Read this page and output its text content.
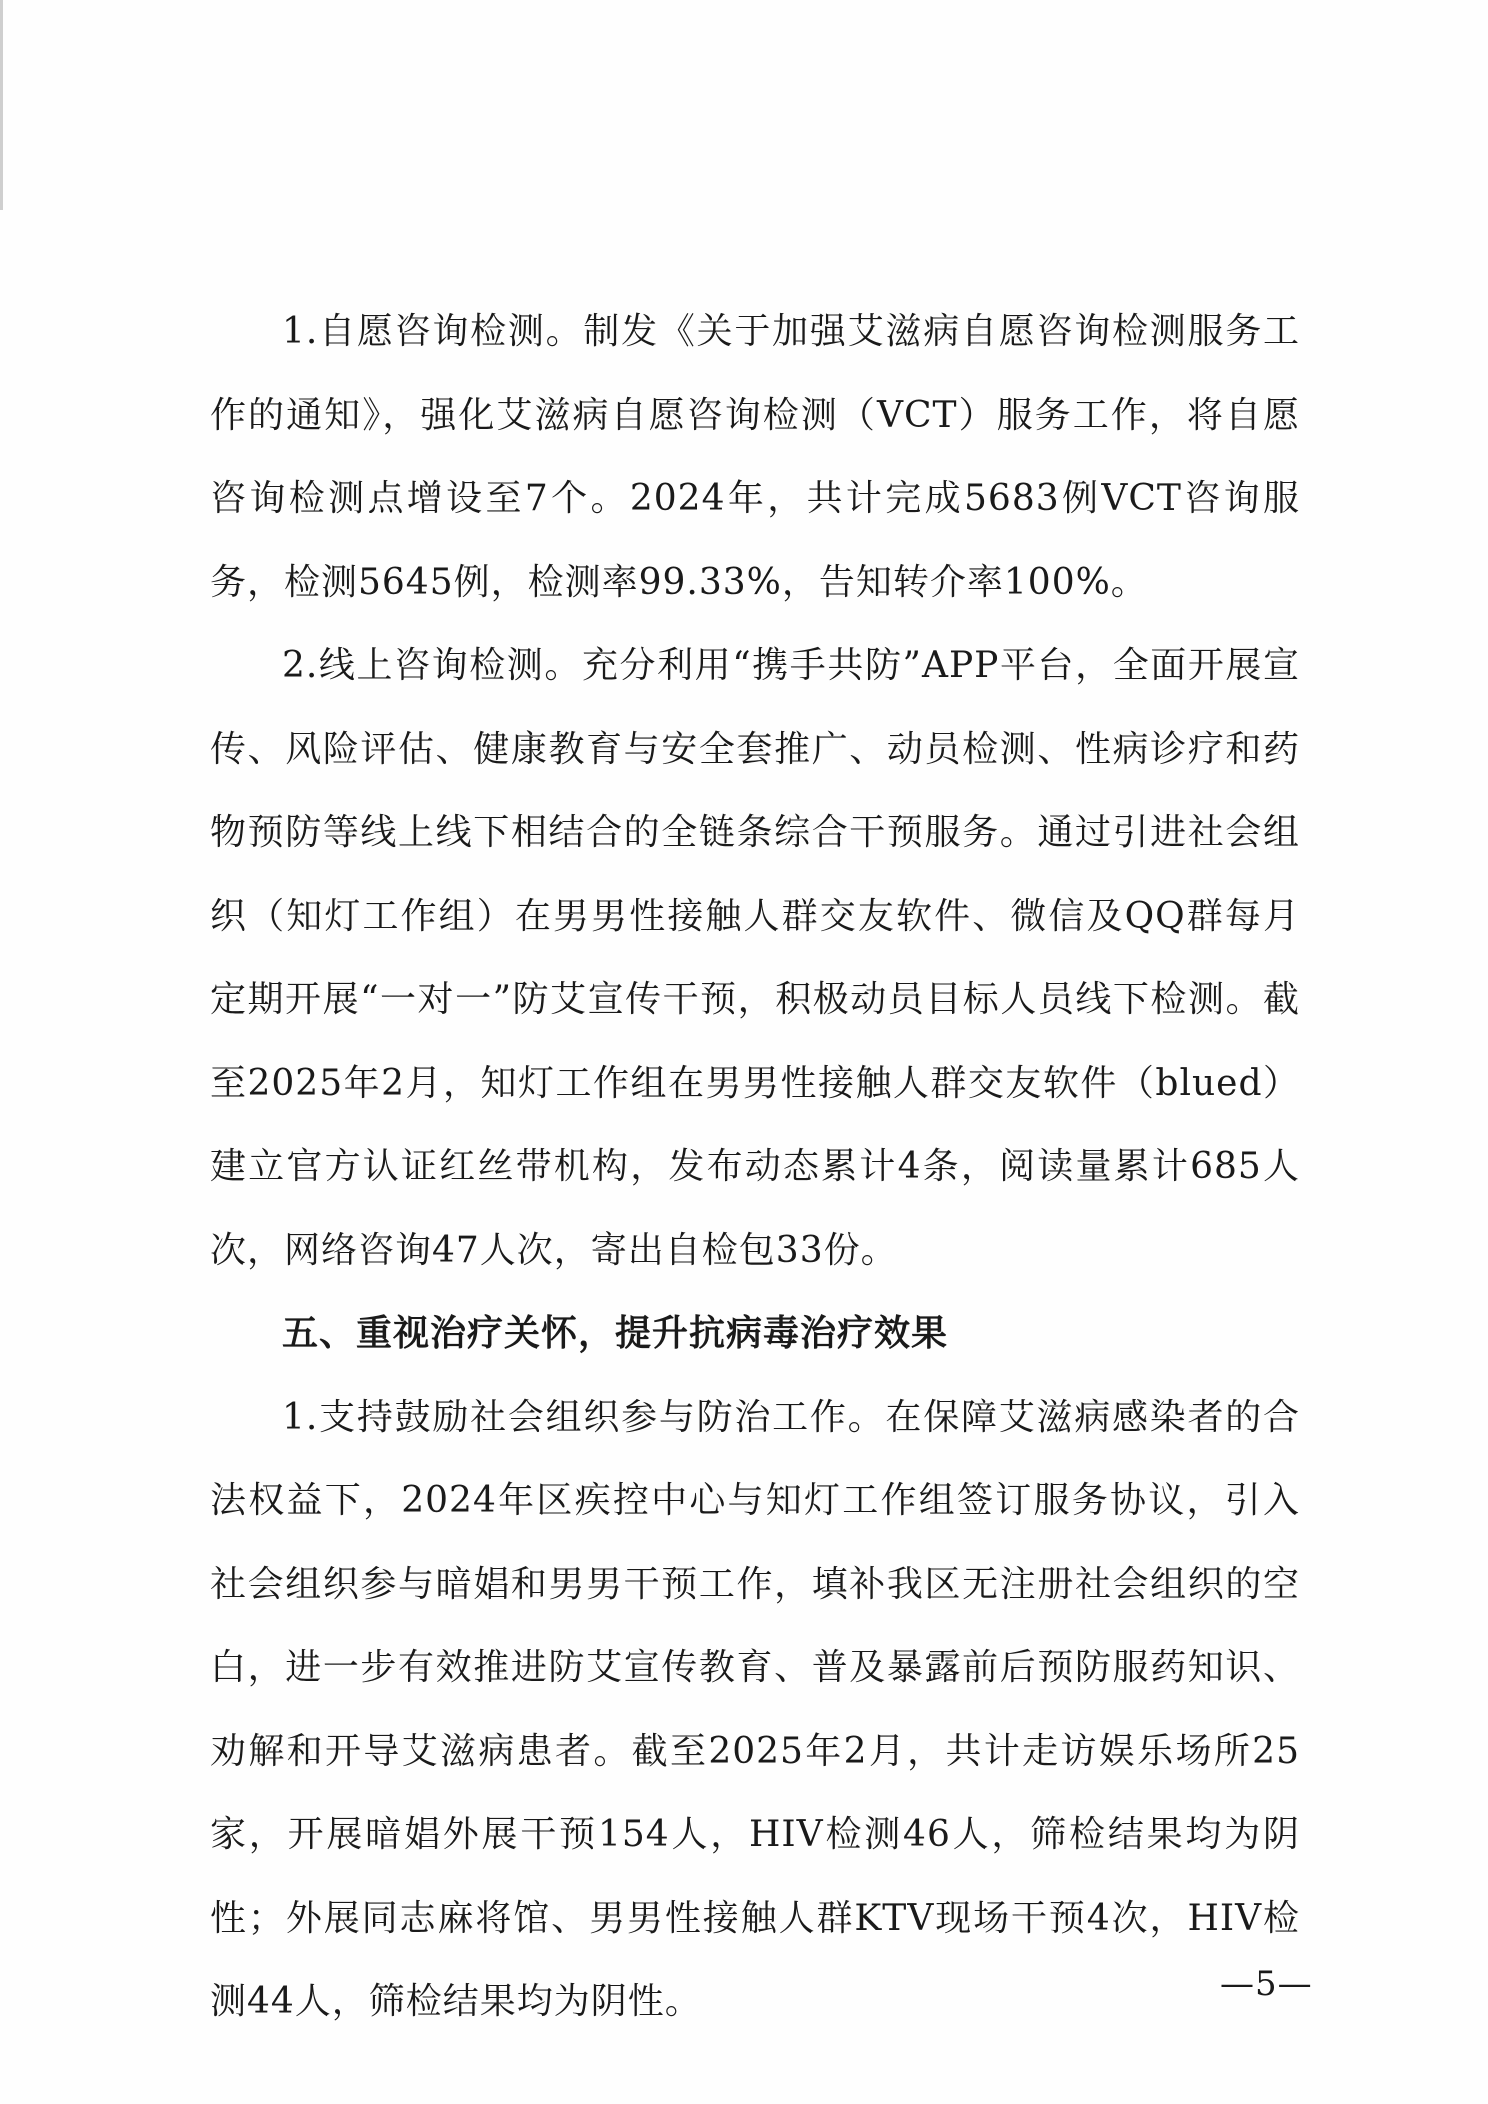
1.自愿咨询检测。制发《关于加强艾滋病自愿咨询检测服务工作的通知》，强化艾滋病自愿咨询检测（VCT）服务工作，将自愿咨询检测点增设至7个。2024年，共计完成5683例VCT咨询服务，检测5645例，检测率99.33%，告知转介率100%。

2.线上咨询检测。充分利用“携手共防”APP平台，全面开展宣传、风险评估、健康教育与安全套推广、动员检测、性病诊疗和药物预防等线上线下相结合的全链条综合干预服务。通过引进社会组织（知灯工作组）在男男性接触人群交友软件、微信及QQ群每月定期开展“一对一”防艾宣传干预，积极动员目标人员线下检测。截至2025年2月，知灯工作组在男男性接触人群交友软件（blued）建立官方认证红丝带机构，发布动态累计4条，阅读量累计685人次，网络咨询47人次，寄出自检包33份。

五、重视治疗关怀，提升抗病毒治疗效果

1.支持鼓励社会组织参与防治工作。在保障艾滋病感染者的合法权益下，2024年区疾控中心与知灯工作组签订服务协议，引入社会组织参与暗娼和男男干预工作，填补我区无注册社会组织的空白，进一步有效推进防艾宣传教育、普及暴露前后预防服药知识、劝解和开导艾滋病患者。截至2025年2月，共计走访娱乐场所25家，开展暗娼外展干预154人，HIV检测46人，筛检结果均为阴性；外展同志麻将馆、男男性接触人群KTV现场干预4次，HIV检测44人，筛检结果均为阴性。	—5—
